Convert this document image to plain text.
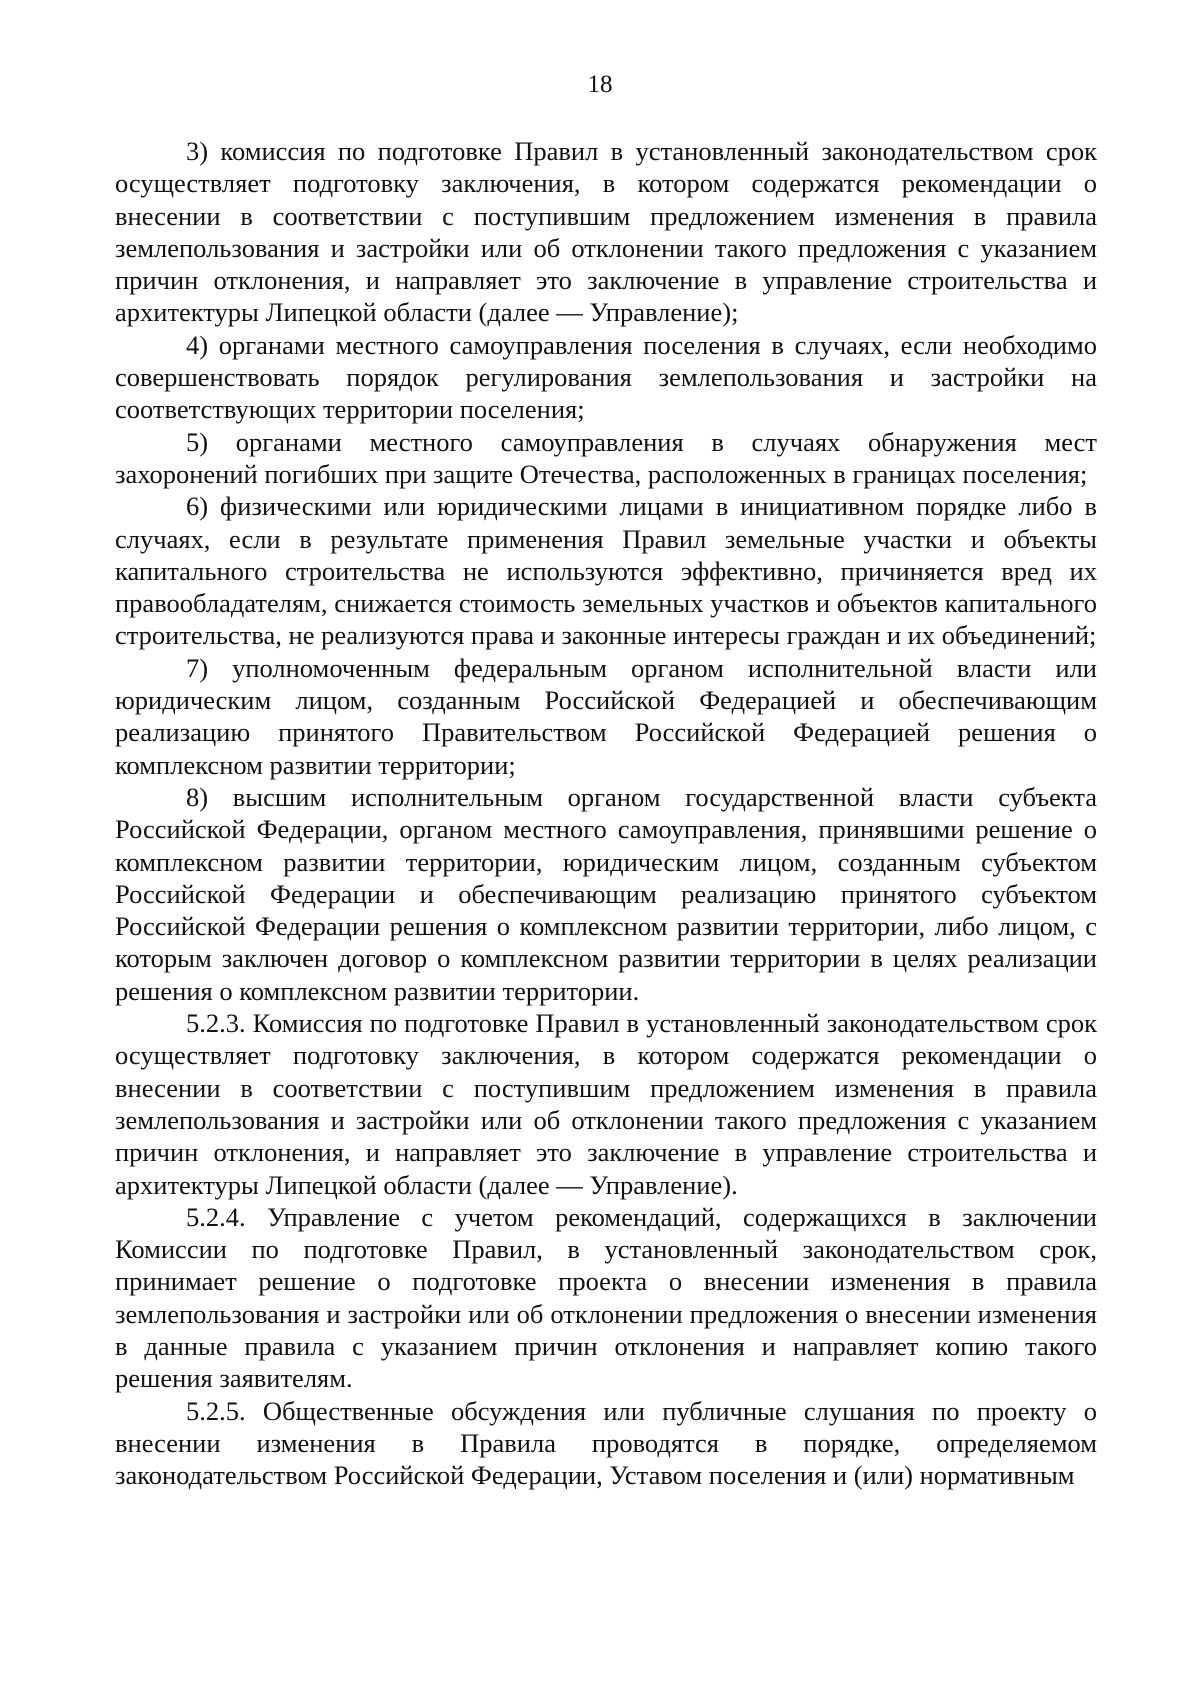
18

3) комиссия по подготовке Правил в установленный законодательством срок осуществляет подготовку заключения, в котором содержатся рекомендации о внесении в соответствии с поступившим предложением изменения в правила землепользования и застройки или об отклонении такого предложения с указанием причин отклонения, и направляет это заключение в управление строительства и архитектуры Липецкой области (далее — Управление);

4) органами местного самоуправления поселения в случаях, если необходимо совершенствовать порядок регулирования землепользования и застройки на соответствующих территории поселения;

5) органами местного самоуправления в случаях обнаружения мест захоронений погибших при защите Отечества, расположенных в границах поселения;

6) физическими или юридическими лицами в инициативном порядке либо в случаях, если в результате применения Правил земельные участки и объекты капитального строительства не используются эффективно, причиняется вред их правообладателям, снижается стоимость земельных участков и объектов капитального строительства, не реализуются права и законные интересы граждан и их объединений;

7) уполномоченным федеральным органом исполнительной власти или юридическим лицом, созданным Российской Федерацией и обеспечивающим реализацию принятого Правительством Российской Федерацией решения о комплексном развитии территории;

8) высшим исполнительным органом государственной власти субъекта Российской Федерации, органом местного самоуправления, принявшими решение о комплексном развитии территории, юридическим лицом, созданным субъектом Российской Федерации и обеспечивающим реализацию принятого субъектом Российской Федерации решения о комплексном развитии территории, либо лицом, с которым заключен договор о комплексном развитии территории в целях реализации решения о комплексном развитии территории.

5.2.3. Комиссия по подготовке Правил в установленный законодательством срок осуществляет подготовку заключения, в котором содержатся рекомендации о внесении в соответствии с поступившим предложением изменения в правила землепользования и застройки или об отклонении такого предложения с указанием причин отклонения, и направляет это заключение в управление строительства и архитектуры Липецкой области (далее — Управление).

5.2.4. Управление с учетом рекомендаций, содержащихся в заключении Комиссии по подготовке Правил, в установленный законодательством срок, принимает решение о подготовке проекта о внесении изменения в правила землепользования и застройки или об отклонении предложения о внесении изменения в данные правила с указанием причин отклонения и направляет копию такого решения заявителям.

5.2.5. Общественные обсуждения или публичные слушания по проекту о внесении изменения в Правила проводятся в порядке, определяемом законодательством Российской Федерации, Уставом поселения и (или) нормативным
